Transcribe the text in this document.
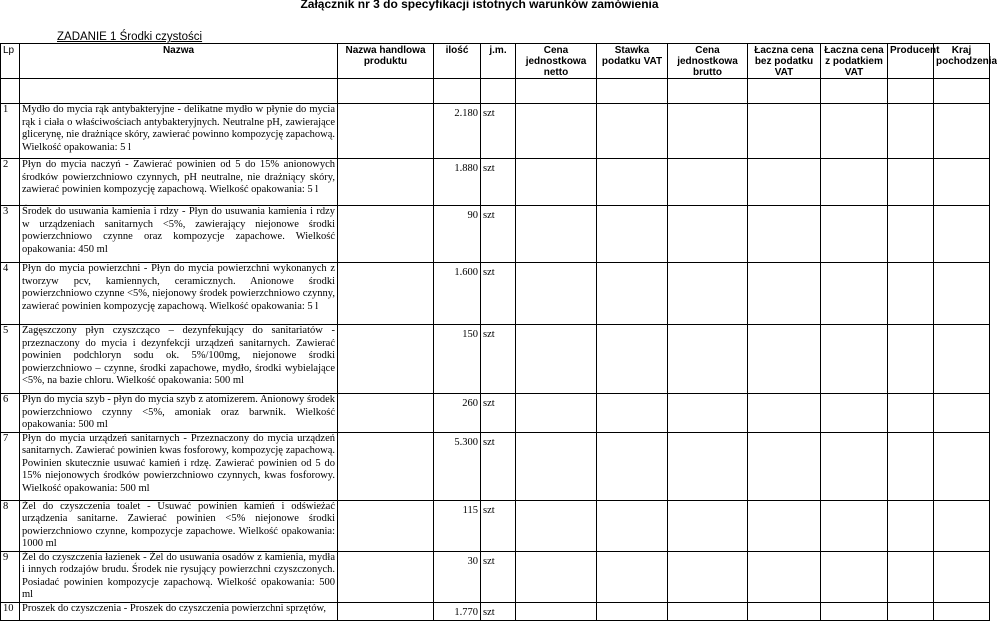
Załącznik nr 3 do specyfikacji istotnych warunków zamówienia
ZADANIE 1 Środki czystości
Lp	Nazwa	Nazwa handlowa produktu	ilość	j.m.	Cena jednostkowa netto	Stawka podatku VAT	Cena jednostkowa brutto	Łaczna cena bez podatku VAT	Łaczna cena z podatkiem VAT	Producent	Kraj pochodzenia

1	Mydło do mycia rąk antybakteryjne - delikatne mydło w płynie do mycia rąk i ciała o właściwościach antybakteryjnych. Neutralne pH, zawierające glicerynę, nie drażniące skóry, zawierać powinno kompozycję zapachową. Wielkość opakowania: 5 l		2.180	szt							
2	Płyn do mycia naczyń - Zawierać powinien od 5 do 15% anionowych środków powierzchniowo czynnych, pH neutralne, nie drażniący skóry, zawierać powinien kompozycję zapachową. Wielkość opakowania: 5 l		1.880	szt							
3	Środek do usuwania kamienia i rdzy - Płyn do usuwania kamienia i rdzy w urządzeniach sanitarnych <5%, zawierający niejonowe środki powierzchniowo czynne oraz kompozycje zapachowe. Wielkość opakowania: 450 ml		90	szt							
4	Płyn do mycia powierzchni - Płyn do mycia powierzchni wykonanych z tworzyw pcv, kamiennych, ceramicznych. Anionowe środki powierzchniowo czynne <5%, niejonowy środek powierzchniowo czynny, zawierać powinien kompozycję zapachową. Wielkość opakowania: 5 l		1.600	szt							
5	Zagęszczony płyn czyszcząco – dezynfekujący do sanitariatów - przeznaczony do mycia i dezynfekcji urządzeń sanitarnych. Zawierać powinien podchloryn sodu ok. 5%/100mg, niejonowe środki powierzchniowo – czynne, środki zapachowe, mydło, środki wybielające <5%, na bazie chloru. Wielkość opakowania: 500 ml		150	szt							
6	Płyn do mycia szyb - płyn do mycia szyb z atomizerem. Anionowy środek powierzchniowo czynny <5%, amoniak oraz barwnik. Wielkość opakowania: 500 ml		260	szt							
7	Płyn do mycia urządzeń sanitarnych - Przeznaczony do mycia urządzeń sanitarnych. Zawierać powinien kwas fosforowy, kompozycję zapachową. Powinien skutecznie usuwać kamień i rdzę. Zawierać powinien od 5 do 15% niejonowych środków powierzchniowo czynnych, kwas fosforowy. Wielkość opakowania: 500 ml		5.300	szt							
8	Żel do czyszczenia toalet - Usuwać powinien kamień i odświeżać urządzenia sanitarne. Zawierać powinien <5% niejonowe środki powierzchniowo czynne, kompozycje zapachowe. Wielkość opakowania: 1000 ml		115	szt							
9	Żel do czyszczenia łazienek - Żel do usuwania osadów z kamienia, mydła i innych rodzajów brudu. Środek nie rysujący powierzchni czyszczonych. Posiadać powinien kompozycje zapachową. Wielkość opakowania: 500 ml		30	szt							
10	Proszek do czyszczenia - Proszek do czyszczenia powierzchni sprzętów,		1.770	szt							
